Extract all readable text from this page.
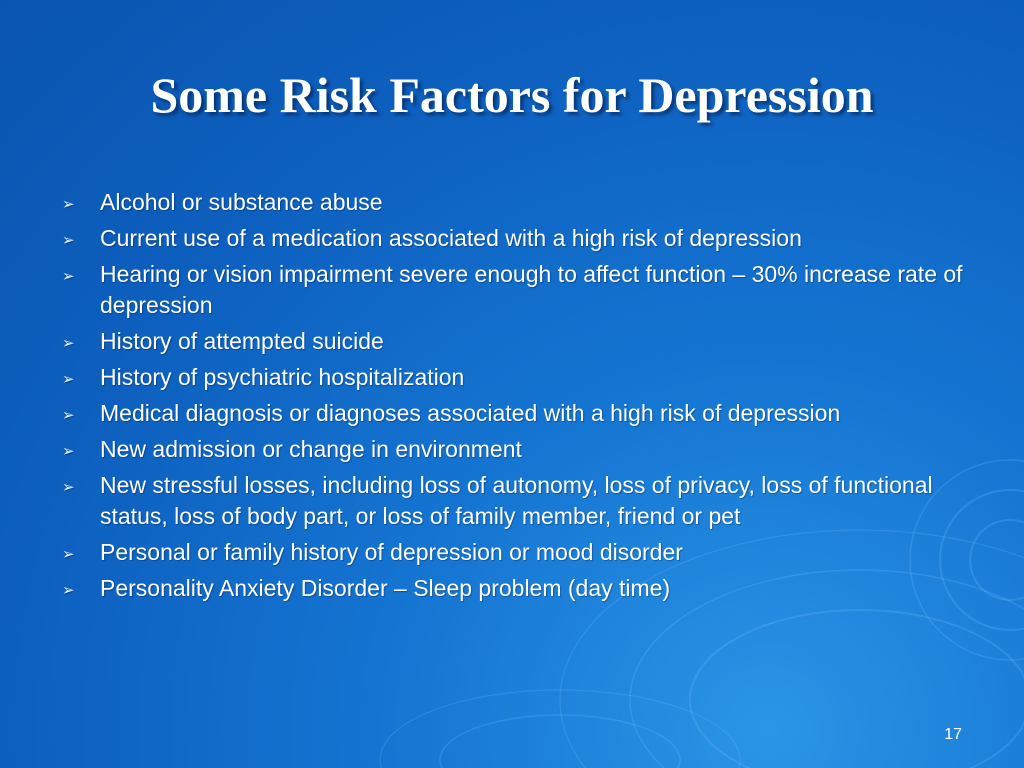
Some Risk Factors for Depression
➢ Alcohol or substance abuse
➢ Current use of a medication associated with a high risk of depression
➢ Hearing or vision impairment severe enough to affect function – 30% increase rate of depression
➢ History of attempted suicide
➢ History of psychiatric hospitalization
➢ Medical diagnosis or diagnoses associated with a high risk of depression
➢ New admission or change in environment
➢ New stressful losses, including loss of autonomy, loss of privacy, loss of functional status, loss of body part, or loss of family member, friend or pet
➢ Personal or family history of depression or mood disorder
➢ Personality Anxiety Disorder – Sleep problem (day time)
17
